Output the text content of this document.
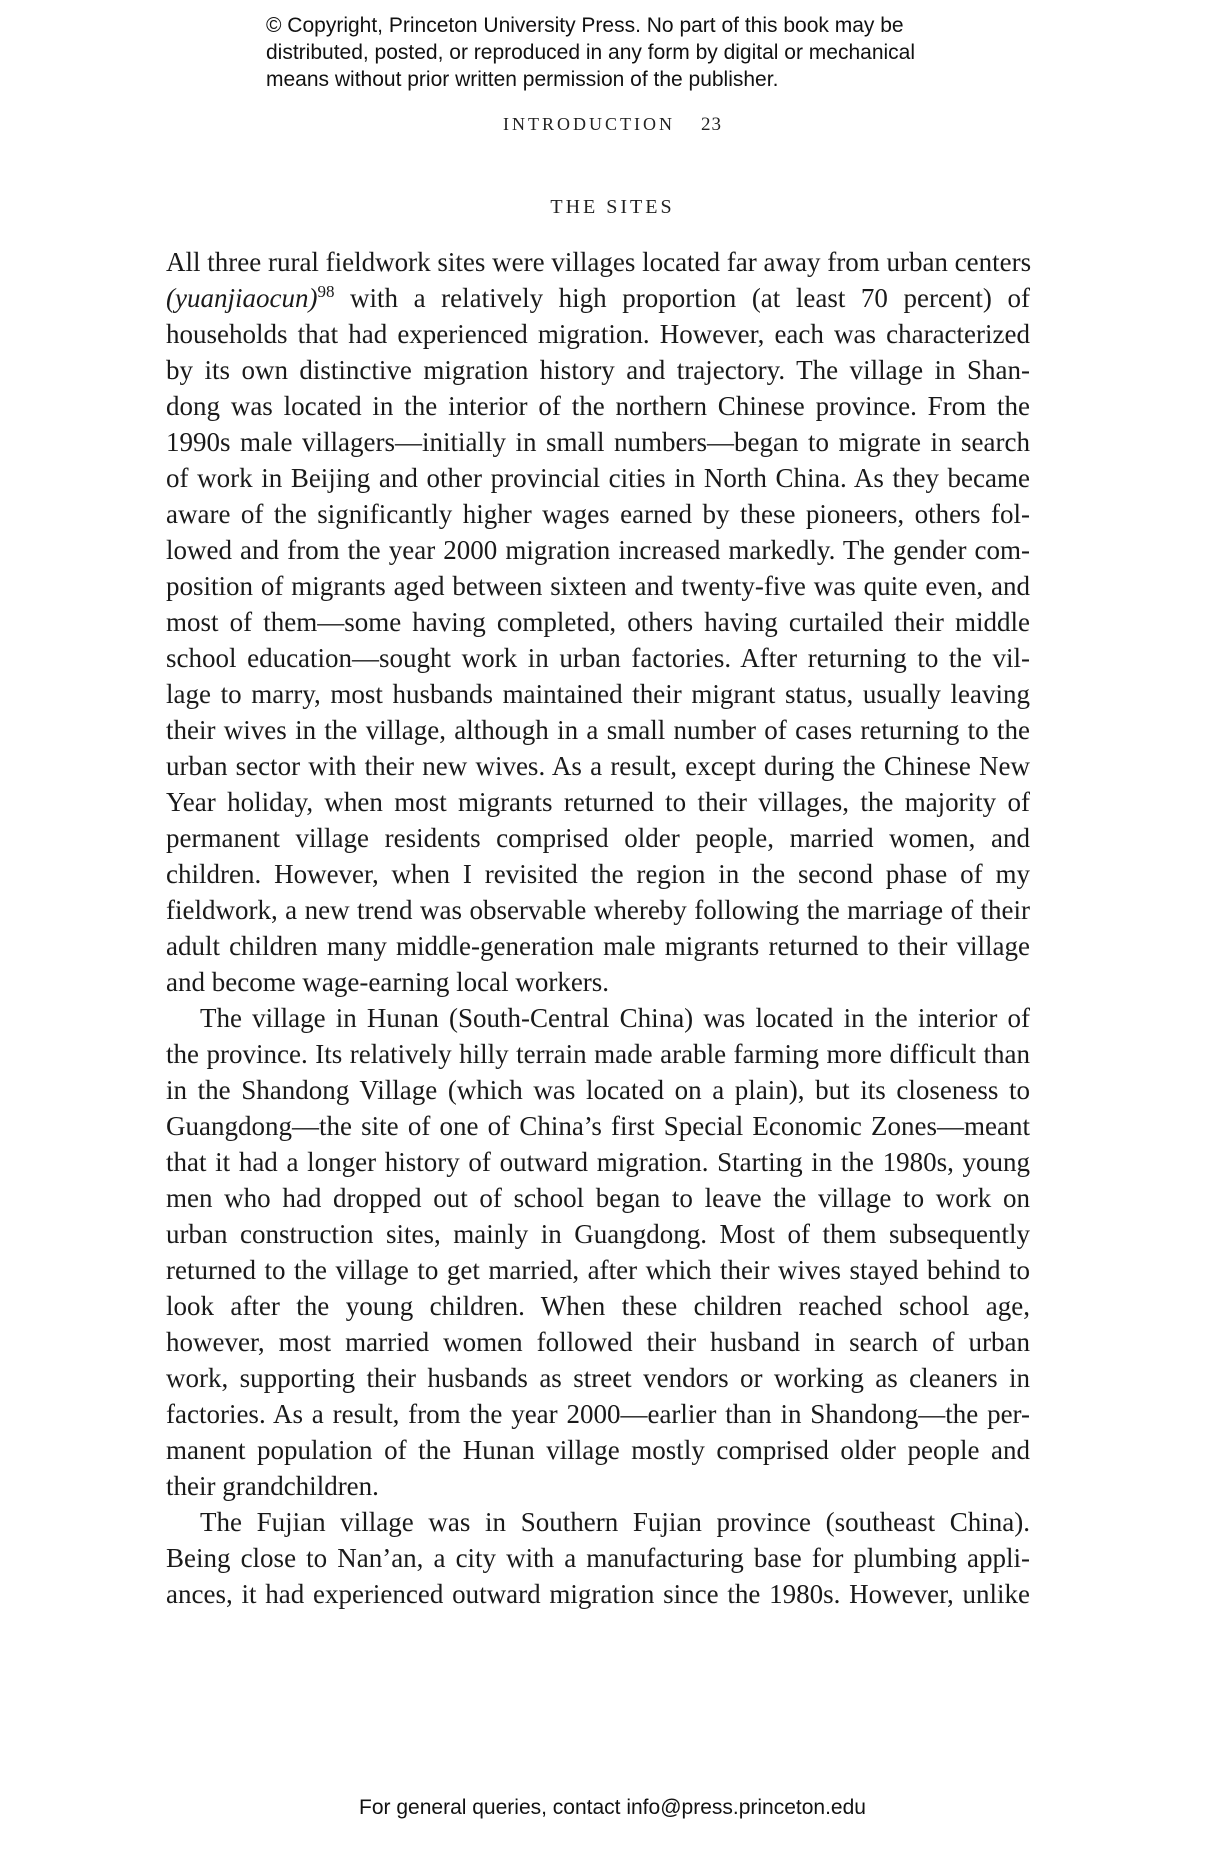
© Copyright, Princeton University Press. No part of this book may be
distributed, posted, or reproduced in any form by digital or mechanical
means without prior written permission of the publisher.
INTRODUCTION 23
THE SITES
All three rural fieldwork sites were villages located far away from urban centers
(yuanjiaocun)$^{98}$ with a relatively high proportion (at least 70 percent) of
households that had experienced migration. However, each was characterized
by its own distinctive migration history and trajectory. The village in Shan-
dong was located in the interior of the northern Chinese province. From the
1990s male villagers—initially in small numbers—began to migrate in search
of work in Beijing and other provincial cities in North China. As they became
aware of the significantly higher wages earned by these pioneers, others fol-
lowed and from the year 2000 migration increased markedly. The gender com-
position of migrants aged between sixteen and twenty-five was quite even, and
most of them—some having completed, others having curtailed their middle
school education—sought work in urban factories. After returning to the vil-
lage to marry, most husbands maintained their migrant status, usually leaving
their wives in the village, although in a small number of cases returning to the
urban sector with their new wives. As a result, except during the Chinese New
Year holiday, when most migrants returned to their villages, the majority of
permanent village residents comprised older people, married women, and
children. However, when I revisited the region in the second phase of my
fieldwork, a new trend was observable whereby following the marriage of their
adult children many middle-generation male migrants returned to their village
and become wage-earning local workers.
The village in Hunan (South-Central China) was located in the interior of
the province. Its relatively hilly terrain made arable farming more difficult than
in the Shandong Village (which was located on a plain), but its closeness to
Guangdong—the site of one of China’s first Special Economic Zones—meant
that it had a longer history of outward migration. Starting in the 1980s, young
men who had dropped out of school began to leave the village to work on
urban construction sites, mainly in Guangdong. Most of them subsequently
returned to the village to get married, after which their wives stayed behind to
look after the young children. When these children reached school age,
however, most married women followed their husband in search of urban
work, supporting their husbands as street vendors or working as cleaners in
factories. As a result, from the year 2000—earlier than in Shandong—the per-
manent population of the Hunan village mostly comprised older people and
their grandchildren.
The Fujian village was in Southern Fujian province (southeast China).
Being close to Nan’an, a city with a manufacturing base for plumbing appli-
ances, it had experienced outward migration since the 1980s. However, unlike
For general queries, contact info@press.princeton.edu
